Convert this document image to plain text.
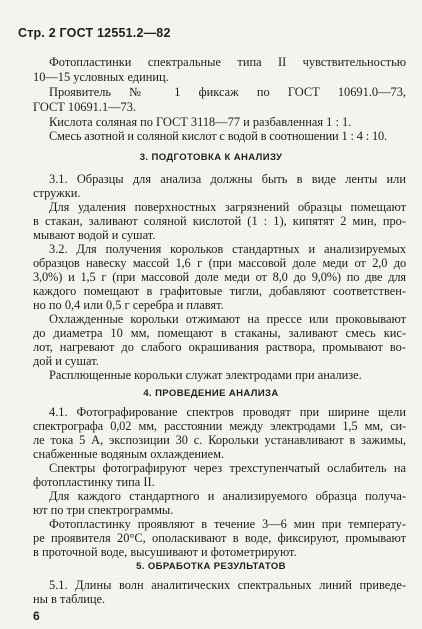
Стр. 2 ГОСТ 12551.2—82
Фотопластинки спектральные типа II чувствительностью
10—15 условных единиц.
Проявитель № 1 фиксаж по ГОСТ 10691.0—73,
ГОСТ 10691.1—73.
Кислота соляная по ГОСТ 3118—77 и разбавленная 1 : 1.
Смесь азотной и соляной кислот с водой в соотношении 1 : 4 : 10.
3. ПОДГОТОВКА К АНАЛИЗУ
3.1. Образцы для анализа должны быть в виде ленты или
стружки.
Для удаления поверхностных загрязнений образцы помещают
в стакан, заливают соляной кислотой (1 : 1), кипятят 2 мин, про-
мывают водой и сушат.
3.2. Для получения корольков стандартных и анализируемых
образцов навеску массой 1,6 г (при массовой доле меди от 2,0 до
3,0%) и 1,5 г (при массовой доле меди от 8,0 до 9,0%) по две для
каждого помещают в графитовые тигли, добавляют соответствен-
но по 0,4 или 0,5 г серебра и плавят.
Охлажденные корольки отжимают на прессе или проковывают
до диаметра 10 мм, помещают в стаканы, заливают смесь кис-
лот, нагревают до слабого окрашивания раствора, промывают во-
дой и сушат.
Расплющенные корольки служат электродами при анализе.
4. ПРОВЕДЕНИЕ АНАЛИЗА
4.1. Фотографирование спектров проводят при ширине щели
спектрографа 0,02 мм, расстоянии между электродами 1,5 мм, си-
ле тока 5 А, экспозиции 30 с. Корольки устанавливают в зажимы,
снабженные водяным охлаждением.
Спектры фотографируют через трехступенчатый ослабитель на
фотопластинку типа II.
Для каждого стандартного и анализируемого образца получа-
ют по три спектрограммы.
Фотопластинку проявляют в течение 3—6 мин при температу-
ре проявителя 20°С, ополаскивают в воде, фиксируют, промывают
в проточной воде, высушивают и фотометрируют.
5. ОБРАБОТКА РЕЗУЛЬТАТОВ
5.1. Длины волн аналитических спектральных линий приведе-
ны в таблице.
6
